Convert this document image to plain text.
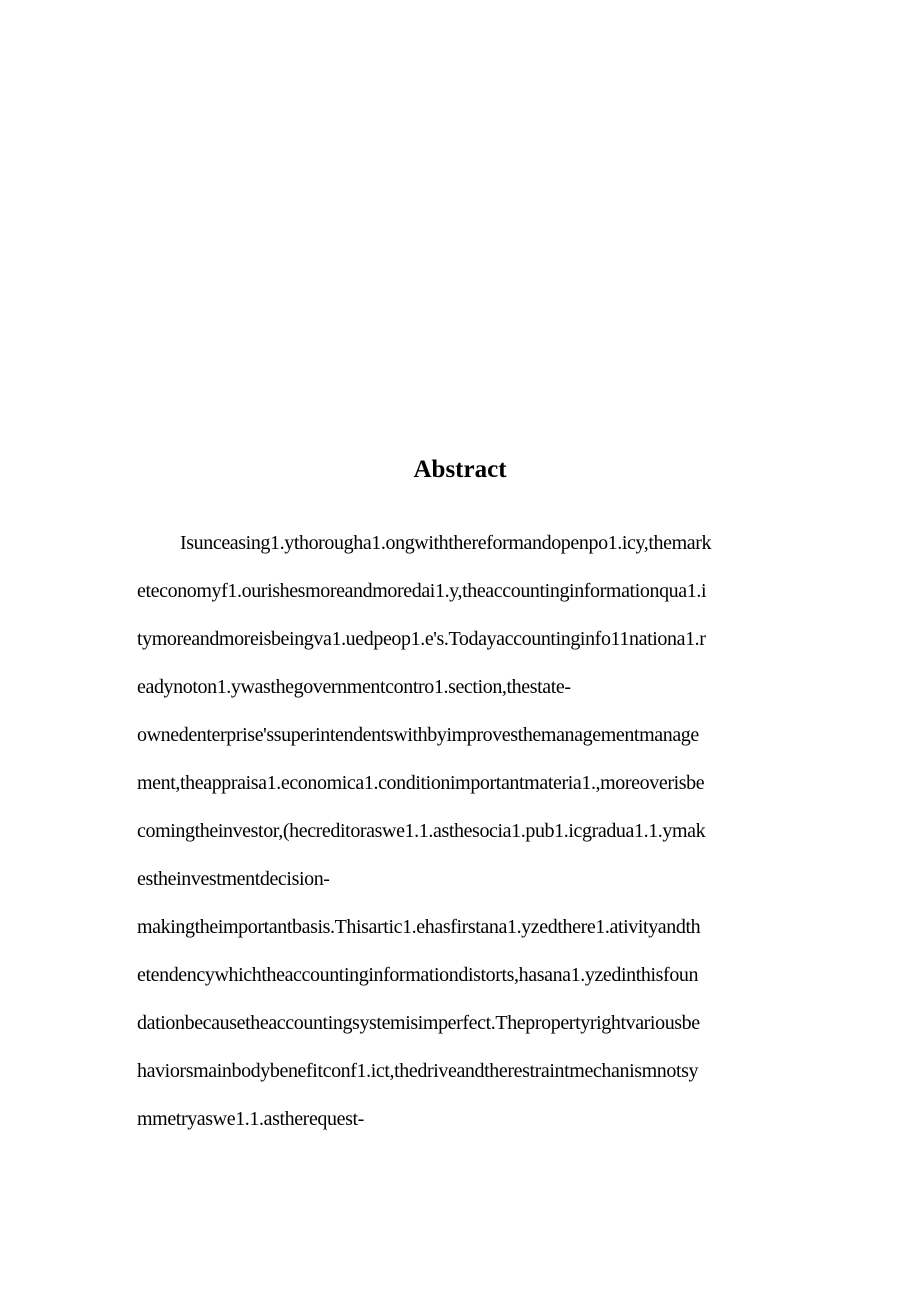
Abstract
Isunceasing1.ythorougha1.ongwiththereformandopenpo1.icy,themark
eteconomyf1.ourishesmoreandmoredai1.y,theaccountinginformationqua1.i
tymoreandmoreisbeingva1.uedpeop1.e's.Todayaccountinginfo11nationa1.r
eadynoton1.ywasthegovernmentcontro1.section,thestate-
ownedenterprise'ssuperintendentswithbyimprovesthemanagementmanage
ment,theappraisa1.economica1.conditionimportantmateria1.,moreoverisbe
comingtheinvestor,(hecreditoraswe1.1.asthesocia1.pub1.icgradua1.1.ymak
estheinvestmentdecision-
makingtheimportantbasis.Thisartic1.ehasfirstana1.yzedthere1.ativityandth
etendencywhichtheaccountinginformationdistorts,hasana1.yzedinthisfoun
dationbecausetheaccountingsystemisimperfect.Thepropertyrightvariousbe
haviorsmainbodybenefitconf1.ict,thedriveandtherestraintmechanismnotsy
mmetryaswe1.1.astherequest-
